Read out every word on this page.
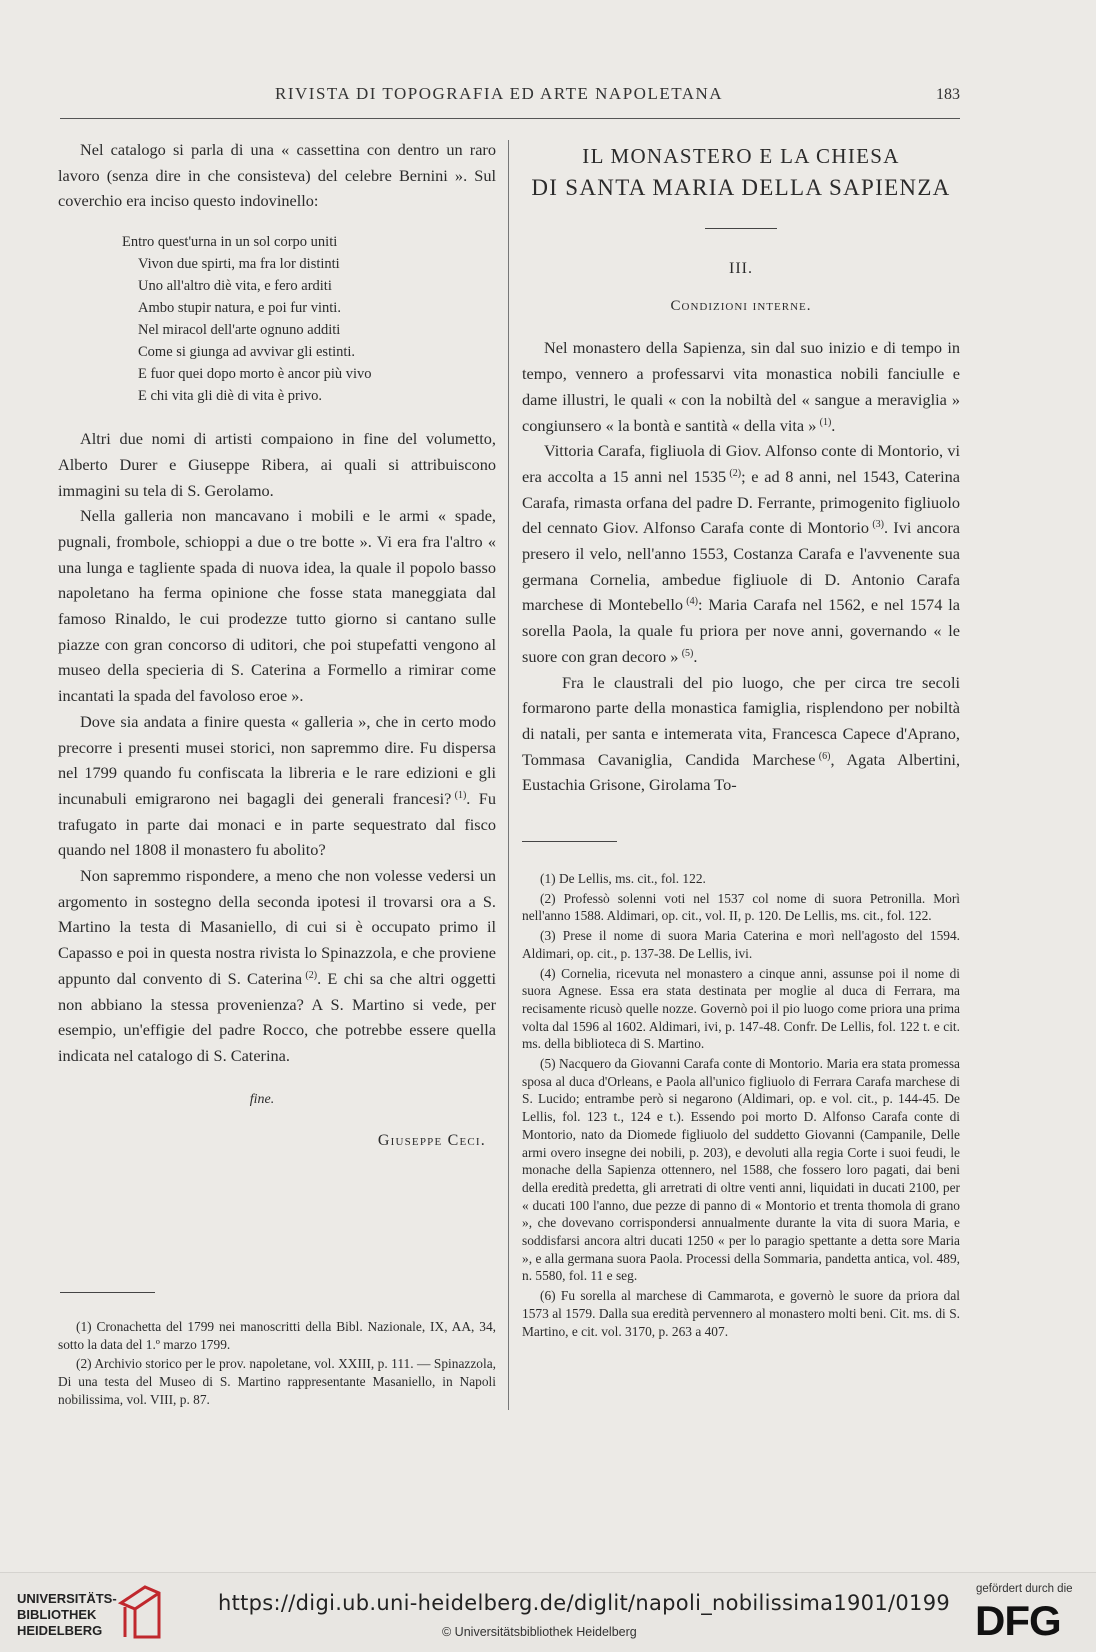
RIVISTA DI TOPOGRAFIA ED ARTE NAPOLETANA	183

Nel catalogo si parla di una « cassettina con dentro un raro lavoro (senza dire in che consisteva) del celebre Bernini ». Sul coverchio era inciso questo indovinello:

Entro quest'urna in un sol corpo uniti
Vivon due spirti, ma fra lor distinti
Uno all'altro diè vita, e fero arditi
Ambo stupir natura, e poi fur vinti.
Nel miracol dell'arte ognuno additi
Come si giunga ad avvivar gli estinti.
E fuor quei dopo morto è ancor più vivo
E chi vita gli diè di vita è privo.

Altri due nomi di artisti compaiono in fine del volumetto, Alberto Durer e Giuseppe Ribera, ai quali si attribuiscono immagini su tela di S. Gerolamo.

Nella galleria non mancavano i mobili e le armi « spade, pugnali, frombole, schioppi a due o tre botte ». Vi era fra l'altro « una lunga e tagliente spada di nuova idea, la quale il popolo basso napoletano ha ferma opinione che fosse stata maneggiata dal famoso Rinaldo, le cui prodezze tutto giorno si cantano sulle piazze con gran concorso di uditori, che poi stupefatti vengono al museo della specieria di S. Caterina a Formello a rimirar come incantati la spada del favoloso eroe ».

Dove sia andata a finire questa « galleria », che in certo modo precorre i presenti musei storici, non sapremmo dire. Fu dispersa nel 1799 quando fu confiscata la libreria e le rare edizioni e gli incunabuli emigrarono nei bagagli dei generali francesi?  $^{(1)}$. Fu trafugato in parte dai monaci e in parte sequestrato dal fisco quando nel 1808 il monastero fu abolito?

Non sapremmo rispondere, a meno che non volesse vedersi un argomento in sostegno della seconda ipotesi il trovarsi ora a S. Martino la testa di Masaniello, di cui si è occupato primo il Capasso e poi in questa nostra rivista lo Spinazzola, e che proviene appunto dal convento di S. Caterina  $^{(2)}$. E chi sa che altri oggetti non abbiano la stessa provenienza? A S. Martino si vede, per esempio, un'effigie del padre Rocco, che potrebbe essere quella indicata nel catalogo di S. Caterina.

fine.
Giuseppe Ceci.

(1) Cronachetta del 1799 nei manoscritti della Bibl. Nazionale, IX, AA, 34, sotto la data del 1.º marzo 1799.

(2) Archivio storico per le prov. napoletane, vol. XXIII, p. 111. — Spinazzola, Di una testa del Museo di S. Martino rappresentante Masaniello, in Napoli nobilissima, vol. VIII, p. 87.

IL MONASTERO E LA CHIESA
DI SANTA MARIA DELLA SAPIENZA
III.
Condizioni interne.

Nel monastero della Sapienza, sin dal suo inizio e di tempo in tempo, vennero a professarvi vita monastica nobili fanciulle e dame illustri, le quali « con la nobiltà del « sangue a meraviglia » congiunsero « la bontà e santità « della vita »  $^{(1)}$.

Vittoria Carafa, figliuola di Giov. Alfonso conte di Montorio, vi era accolta a 15 anni nel 1535  $^{(2)}$; e ad 8 anni, nel 1543, Caterina Carafa, rimasta orfana del padre D. Ferrante, primogenito figliuolo del cennato Giov. Alfonso Carafa conte di Montorio  $^{(3)}$. Ivi ancora presero il velo, nell'anno 1553, Costanza Carafa e l'avvenente sua germana Cornelia, ambedue figliuole di D. Antonio Carafa marchese di Montebello  $^{(4)}$: Maria Carafa nel 1562, e nel 1574 la sorella Paola, la quale fu priora per nove anni, governando « le suore con gran decoro »  $^{(5)}$.

Fra le claustrali del pio luogo, che per circa tre secoli formarono parte della monastica famiglia, risplendono per nobiltà di natali, per santa e intemerata vita, Francesca Capece d'Aprano, Tommasa Cavaniglia, Candida Marchese  $^{(6)}$, Agata Albertini, Eustachia Grisone, Girolama To-

(1) De Lellis, ms. cit., fol. 122.

(2) Professò solenni voti nel 1537 col nome di suora Petronilla. Morì nell'anno 1588. Aldimari, op. cit., vol. II, p. 120. De Lellis, ms. cit., fol. 122.

(3) Prese il nome di suora Maria Caterina e morì nell'agosto del 1594. Aldimari, op. cit., p. 137-38. De Lellis, ivi.

(4) Cornelia, ricevuta nel monastero a cinque anni, assunse poi il nome di suora Agnese. Essa era stata destinata per moglie al duca di Ferrara, ma recisamente ricusò quelle nozze. Governò poi il pio luogo come priora una prima volta dal 1596 al 1602. Aldimari, ivi, p. 147-48. Confr. De Lellis, fol. 122 t. e cit. ms. della biblioteca di S. Martino.

(5) Nacquero da Giovanni Carafa conte di Montorio. Maria era stata promessa sposa al duca d'Orleans, e Paola all'unico figliuolo di Ferrara Carafa marchese di S. Lucido; entrambe però si negarono (Aldimari, op. e vol. cit., p. 144-45. De Lellis, fol. 123 t., 124 e t.). Essendo poi morto D. Alfonso Carafa conte di Montorio, nato da Diomede figliuolo del suddetto Giovanni (Campanile, Delle armi overo insegne dei nobili, p. 203), e devoluti alla regia Corte i suoi feudi, le monache della Sapienza ottennero, nel 1588, che fossero loro pagati, dai beni della eredità predetta, gli arretrati di oltre venti anni, liquidati in ducati 2100, per « ducati 100 l'anno, due pezze di panno di « Montorio et trenta thomola di grano », che dovevano corrispondersi annualmente durante la vita di suora Maria, e soddisfarsi ancora altri ducati 1250 « per lo paragio spettante a detta sore Maria », e alla germana suora Paola. Processi della Sommaria, pandetta antica, vol. 489, n. 5580, fol. 11 e seg.

(6) Fu sorella al marchese di Cammarota, e governò le suore da priora dal 1573 al 1579. Dalla sua eredità pervennero al monastero molti beni. Cit. ms. di S. Martino, e cit. vol. 3170, p. 263 a 407.

UNIVERSITÄTS-
BIBLIOTHEK
HEIDELBERG
https://digi.ub.uni-heidelberg.de/diglit/napoli_nobilissima1901/0199
© Universitätsbibliothek Heidelberg
gefördert durch die
DFG
